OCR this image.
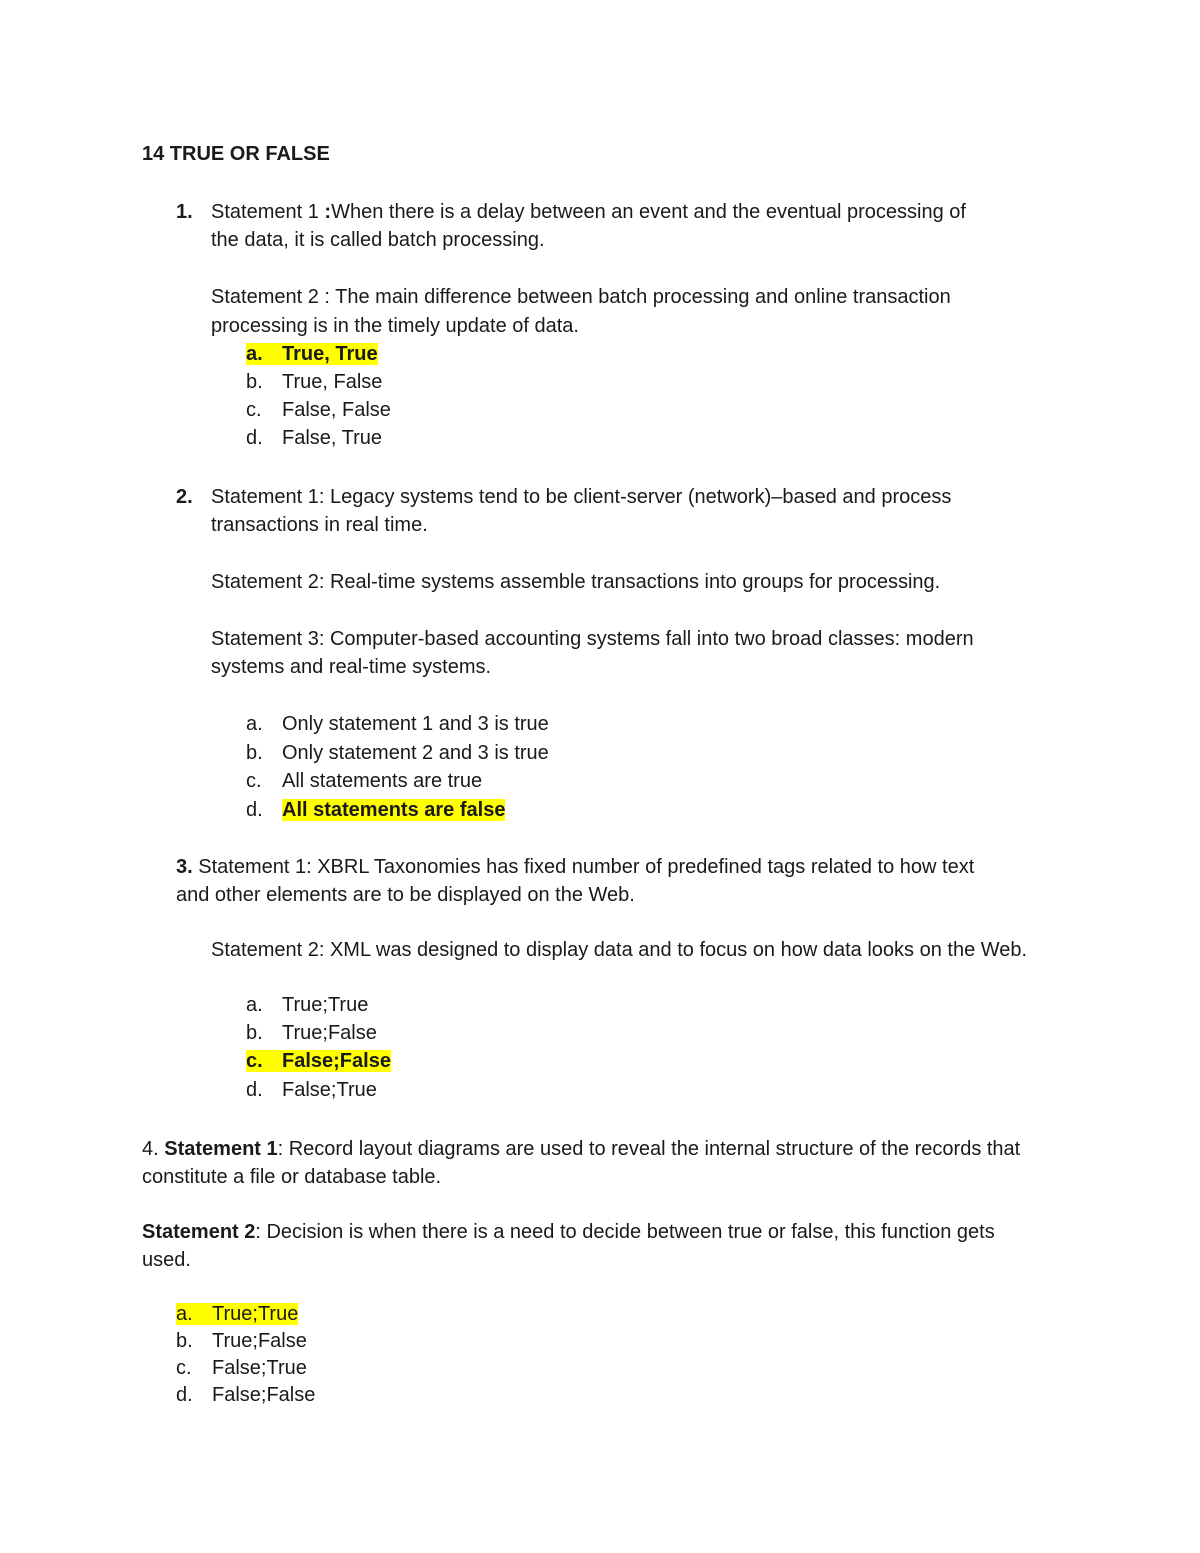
14 TRUE OR FALSE
1. Statement 1 :When there is a delay between an event and the eventual processing of
the data, it is called batch processing.
Statement 2 : The main difference between batch processing and online transaction
processing is in the timely update of data.
a. True, True
b. True, False
c. False, False
d. False, True
2. Statement 1: Legacy systems tend to be client-server (network)–based and process
transactions in real time.
Statement 2: Real-time systems assemble transactions into groups for processing.
Statement 3: Computer-based accounting systems fall into two broad classes: modern
systems and real-time systems.
a. Only statement 1 and 3 is true
b. Only statement 2 and 3 is true
c. All statements are true
d. All statements are false
3. Statement 1: XBRL Taxonomies has fixed number of predefined tags related to how text
and other elements are to be displayed on the Web.
Statement 2: XML was designed to display data and to focus on how data looks on the Web.
a. True;True
b. True;False
c. False;False
d. False;True
4. Statement 1: Record layout diagrams are used to reveal the internal structure of the records that
constitute a file or database table.
Statement 2: Decision is when there is a need to decide between true or false, this function gets
used.
a. True;True
b. True;False
c. False;True
d. False;False
